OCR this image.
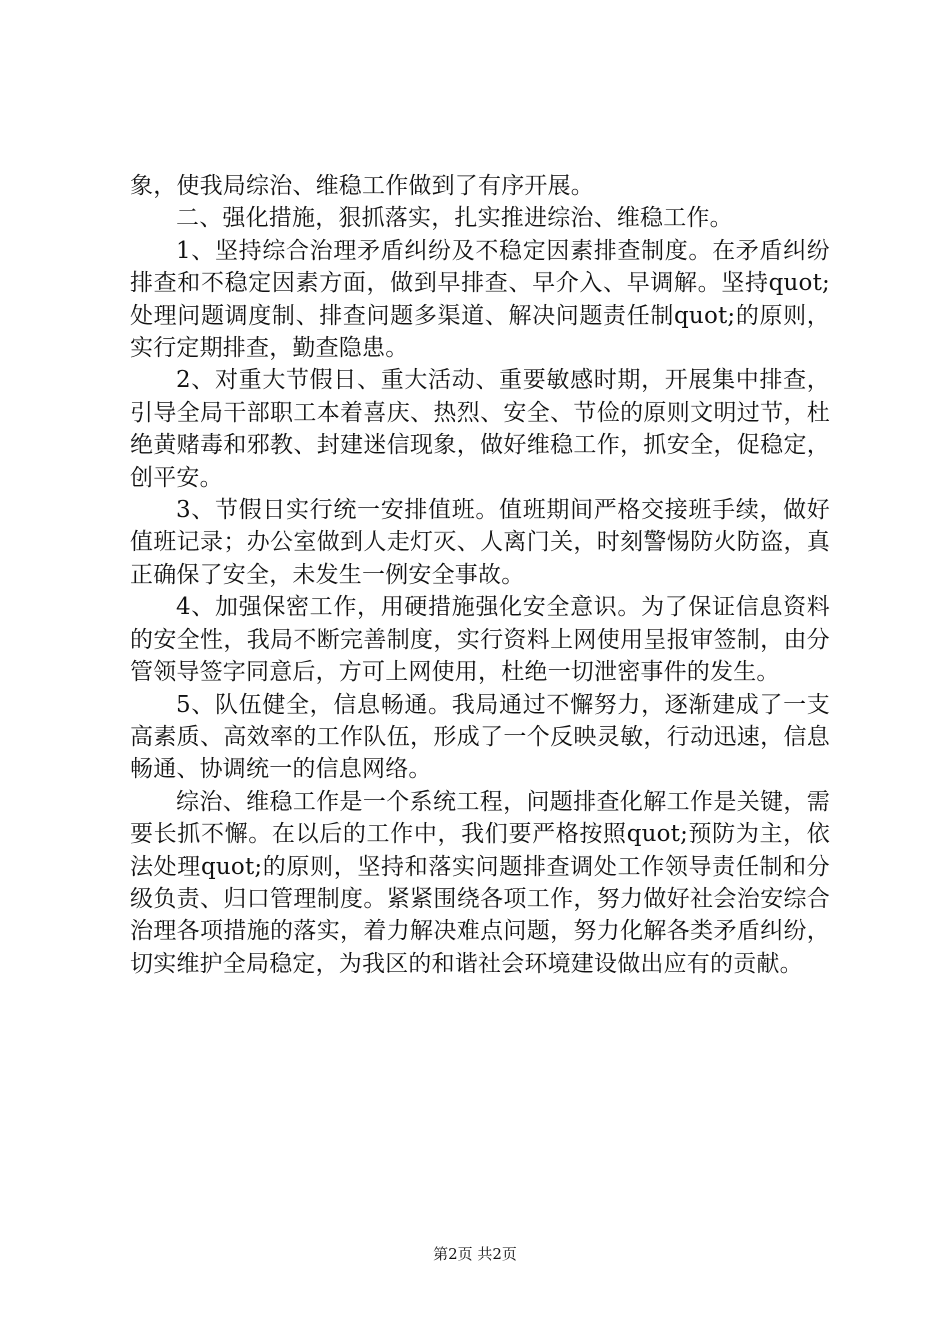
象，使我局综治、维稳工作做到了有序开展。

二、强化措施，狠抓落实，扎实推进综治、维稳工作。

1、坚持综合治理矛盾纠纷及不稳定因素排查制度。在矛盾纠纷排查和不稳定因素方面，做到早排查、早介入、早调解。坚持quot;处理问题调度制、排查问题多渠道、解决问题责任制quot;的原则，实行定期排查，勤查隐患。

2、对重大节假日、重大活动、重要敏感时期，开展集中排查，引导全局干部职工本着喜庆、热烈、安全、节俭的原则文明过节，杜绝黄赌毒和邪教、封建迷信现象，做好维稳工作，抓安全，促稳定，创平安。

3、节假日实行统一安排值班。值班期间严格交接班手续，做好值班记录；办公室做到人走灯灭、人离门关，时刻警惕防火防盗，真正确保了安全，未发生一例安全事故。

4、加强保密工作，用硬措施强化安全意识。为了保证信息资料的安全性，我局不断完善制度，实行资料上网使用呈报审签制，由分管领导签字同意后，方可上网使用，杜绝一切泄密事件的发生。

5、队伍健全，信息畅通。我局通过不懈努力，逐渐建成了一支高素质、高效率的工作队伍，形成了一个反映灵敏，行动迅速，信息畅通、协调统一的信息网络。

综治、维稳工作是一个系统工程，问题排查化解工作是关键，需要长抓不懈。在以后的工作中，我们要严格按照quot;预防为主，依法处理quot;的原则，坚持和落实问题排查调处工作领导责任制和分级负责、归口管理制度。紧紧围绕各项工作，努力做好社会治安综合治理各项措施的落实，着力解决难点问题，努力化解各类矛盾纠纷，切实维护全局稳定，为我区的和谐社会环境建设做出应有的贡献。

第2页 共2页
